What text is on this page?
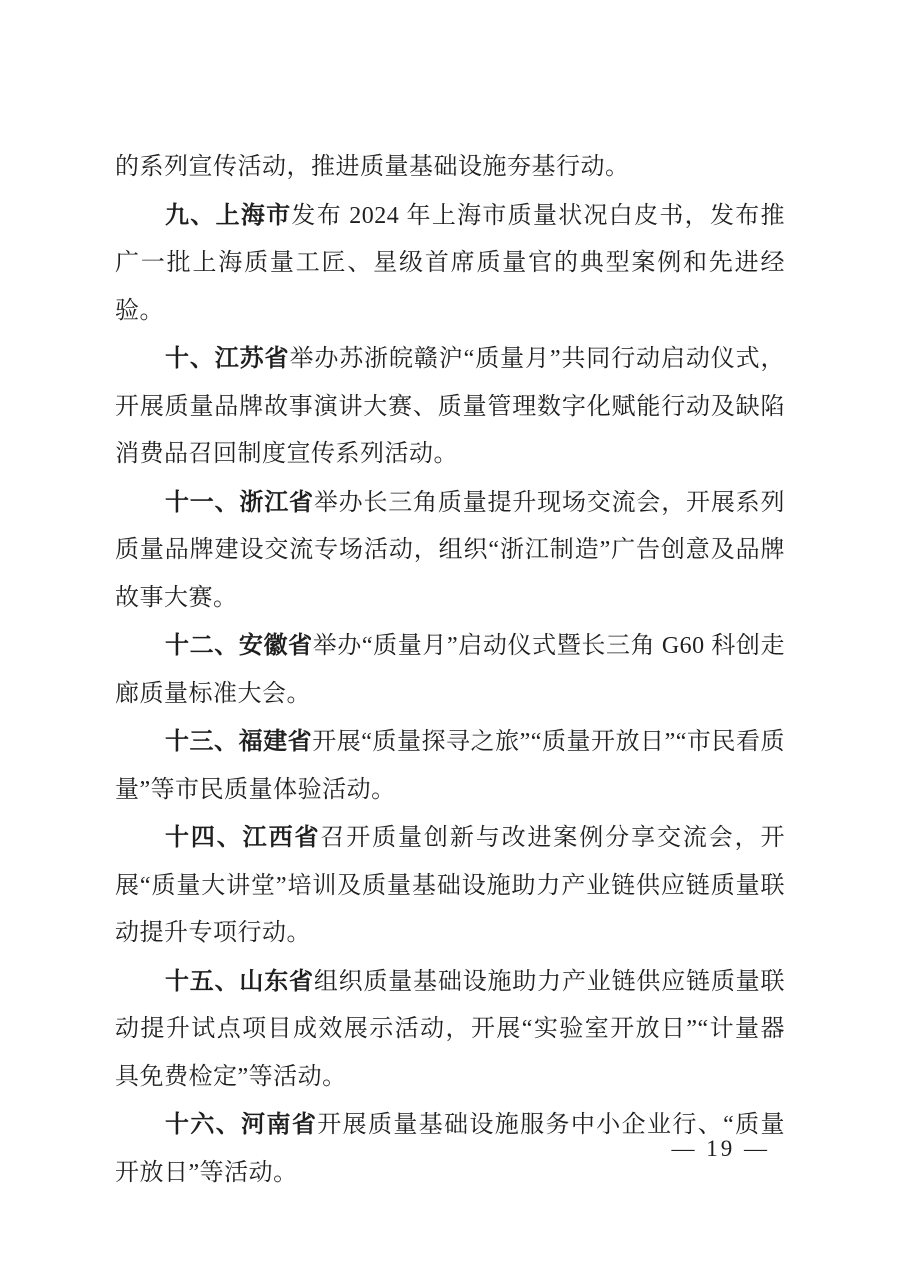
的系列宣传活动，推进质量基础设施夯基行动。

九、上海市发布 2024 年上海市质量状况白皮书，发布推广一批上海质量工匠、星级首席质量官的典型案例和先进经验。

十、江苏省举办苏浙皖赣沪“质量月”共同行动启动仪式，开展质量品牌故事演讲大赛、质量管理数字化赋能行动及缺陷消费品召回制度宣传系列活动。

十一、浙江省举办长三角质量提升现场交流会，开展系列质量品牌建设交流专场活动，组织“浙江制造”广告创意及品牌故事大赛。

十二、安徽省举办“质量月”启动仪式暨长三角 G60 科创走廊质量标准大会。

十三、福建省开展“质量探寻之旅”“质量开放日”“市民看质量”等市民质量体验活动。

十四、江西省召开质量创新与改进案例分享交流会，开展“质量大讲堂”培训及质量基础设施助力产业链供应链质量联动提升专项行动。

十五、山东省组织质量基础设施助力产业链供应链质量联动提升试点项目成效展示活动，开展“实验室开放日”“计量器具免费检定”等活动。

十六、河南省开展质量基础设施服务中小企业行、“质量开放日”等活动。

— 19 —
